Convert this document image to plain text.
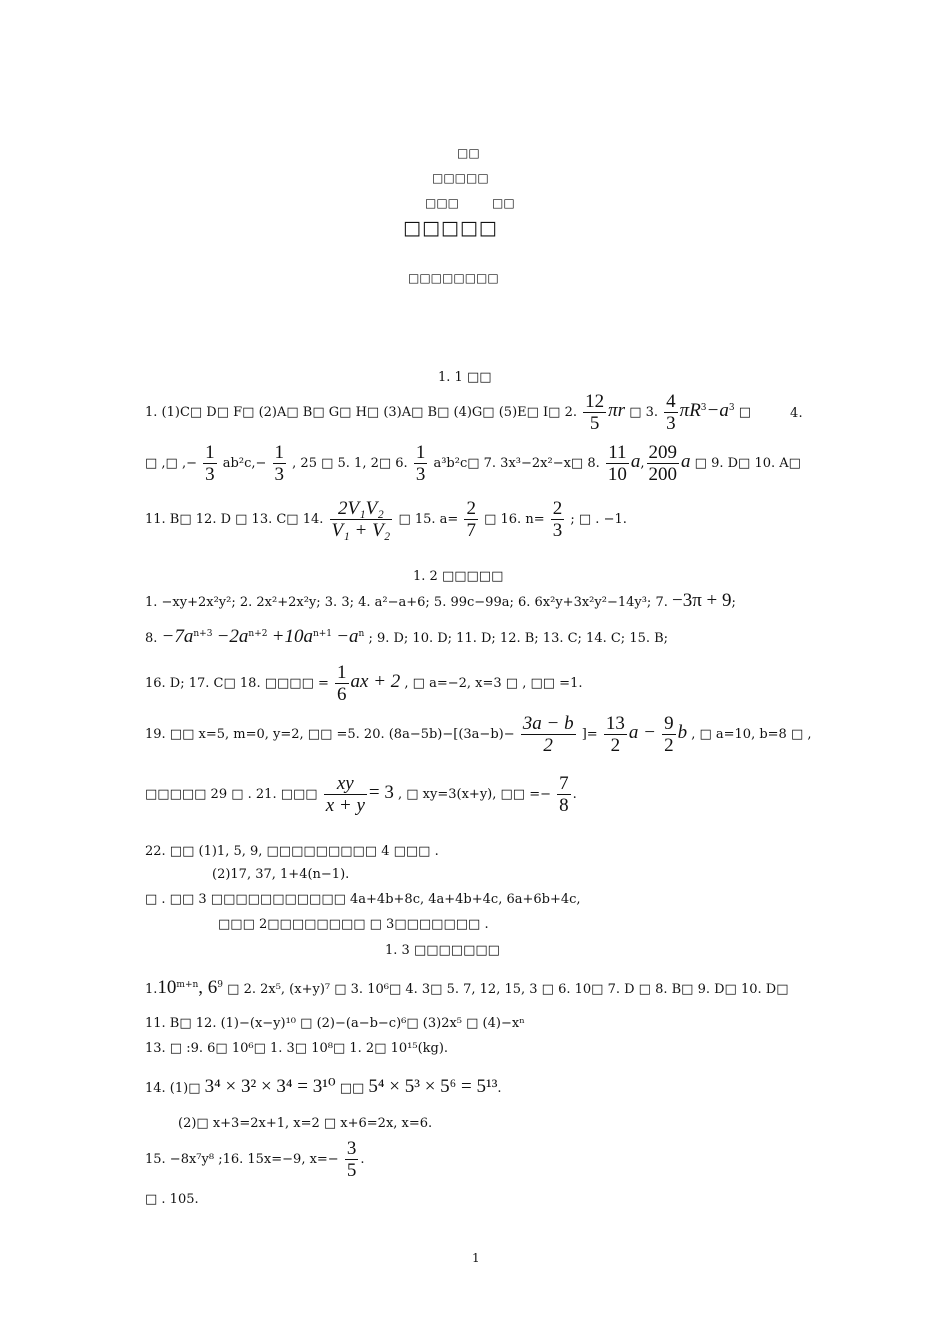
□□
□□□□□
□□□	□□
□□□□□
□□□□□□□□
1. 1 □□
1. (1)C□ D□ F□ (2)A□ B□ G□ H□ (3)A□ B□ (4)G□ (5)E□ I□ 2. $\frac{12}{5}$ πr □ 3. $\frac{4}{3} \pi R^3-a^3$ □	4.
□ ,□ ,− $\frac{1}{3} ab^2c,- \frac{1}{3}$ , 25 □ 5. 1, 2□ 6. $\frac{1}{3}$ a³b²c□ 7. 3x³−2x²−x□ 8. $\frac{11}{10} a$, $\frac{209}{200}$ a □ 9. D□ 10. A□
11. B□ 12. D □ 13. C□ 14. $\frac{\text{2V₁V₂}}{\text{V₁ + V₂}}$ □ 15. $a= \frac{2}{7}$ □ 16. $n= \frac{2}{3}$ ; □ . −1.
1. 2 □□□□□
1. −xy+2x²y²; 2. 2x²+2x²y; 3. 3; 4. a²−a+6; 5. 99c−99a; 6. 6x²y+3x²y²−14y³; 7. −3π + 9;
8. $-7a^{n+3} -2a^{n+2} +10a^{n+1} -a^n$ ; 9. D; 10. D; 11. D; 12. B; 13. C; 14. C; 15. B;
16. D; 17. C□ 18. □□□□ = $\frac{1}{6}$ ax + 2 , □ a=−2, x=3 □ , □□ =1.
19. □□ x=5, m=0, y=2, □□ =5. 20. $(8a-5b)-[(3a-b)- \frac{3a - b}{2}$ ]= $\frac{13}{2}$ $a - \frac{9}{2}$ b , □ a=10, b=8 □ ,
□□□□□ 29 □ . 21. □□□ $\frac{xy}{x + y} = 3$ , □ xy=3(x+y), □□ =− $\frac{7}{8}$ .
22. □□ (1)1, 5, 9, □□□□□□□□□ 4 □□□ .
(2)17, 37, 1+4(n−1).
□ . □□ 3 □□□□□□□□□□□ 4a+4b+8c, 4a+4b+4c, 6a+6b+4c,
□□□ 2□□□□□□□□ □ 3□□□□□□□ .
1. 3 □□□□□□□
$1.10^{m+n}$, $6^9$ □ 2. 2x⁵, (x+y)⁷ □ 3. 10⁶□ 4. 3□ 5. 7, 12, 15, 3 □ 6. 10□ 7. D □ 8. B□ 9. D□ 10. D□
11. B□ 12. (1)−(x−y)¹⁰ □ (2)−(a−b−c)⁶□ (3)2x⁵ □ (4)−xⁿ
13. □ :9. 6□ 10⁶□ 1. 3□ 10⁸□ 1. 2□ 10¹⁵(kg).
14. (1)□ 3⁴ × 3² × 3⁴ = 3¹⁰ □□ 5⁴ × 5³ × 5⁶ = 5¹³.
(2)□ x+3=2x+1, x=2 □ x+6=2x, x=6.
15. −8x⁷y⁸ ;16. 15x=−9, $x=- \frac{3}{5}$ .
□ . 105.
1
